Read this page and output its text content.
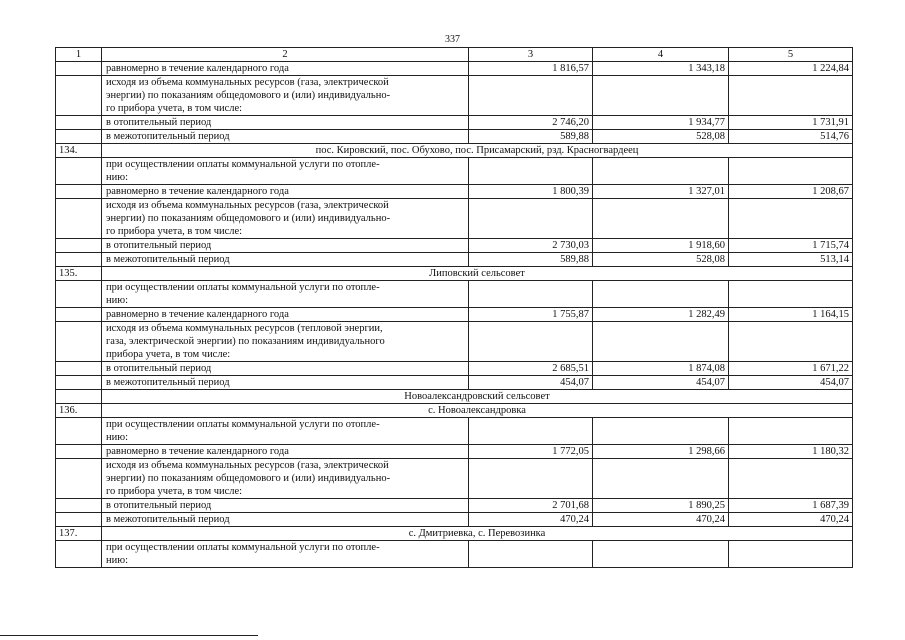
337
1	2	3	4	5
	равномерно в течение календарного года	1 816,57	1 343,18	1 224,84
	исходя из объема коммунальных ресурсов (газа, электрической
энергии) по показаниям общедомового и (или) индивидуально-
го прибора учета, в том числе:			
	в отопительный период	2 746,20	1 934,77	1 731,91
	в межотопительный период	589,88	528,08	514,76
134.	пос. Кировский, пос. Обухово, пос. Присамарский, рзд. Красногвардеец			
	при осуществлении оплаты коммунальной услуги по отопле-
нию:			
	равномерно в течение календарного года	1 800,39	1 327,01	1 208,67
	исходя из объема коммунальных ресурсов (газа, электрической
энергии) по показаниям общедомового и (или) индивидуально-
го прибора учета, в том числе:			
	в отопительный период	2 730,03	1 918,60	1 715,74
	в межотопительный период	589,88	528,08	513,14
135.	Липовский сельсовет			
	при осуществлении оплаты коммунальной услуги по отопле-
нию:			
	равномерно в течение календарного года	1 755,87	1 282,49	1 164,15
	исходя из объема коммунальных ресурсов (тепловой энергии,
газа, электрической энергии) по показаниям индивидуального
прибора учета, в том числе:			
	в отопительный период	2 685,51	1 874,08	1 671,22
	в межотопительный период	454,07	454,07	454,07
	Новоалександровский сельсовет			
136.	с. Новоалександровка			
	при осуществлении оплаты коммунальной услуги по отопле-
нию:			
	равномерно в течение календарного года	1 772,05	1 298,66	1 180,32
	исходя из объема коммунальных ресурсов (газа, электрической
энергии) по показаниям общедомового и (или) индивидуально-
го прибора учета, в том числе:			
	в отопительный период	2 701,68	1 890,25	1 687,39
	в межотопительный период	470,24	470,24	470,24
137.	с. Дмитриевка, с. Перевозинка			
	при осуществлении оплаты коммунальной услуги по отопле-
нию:			
